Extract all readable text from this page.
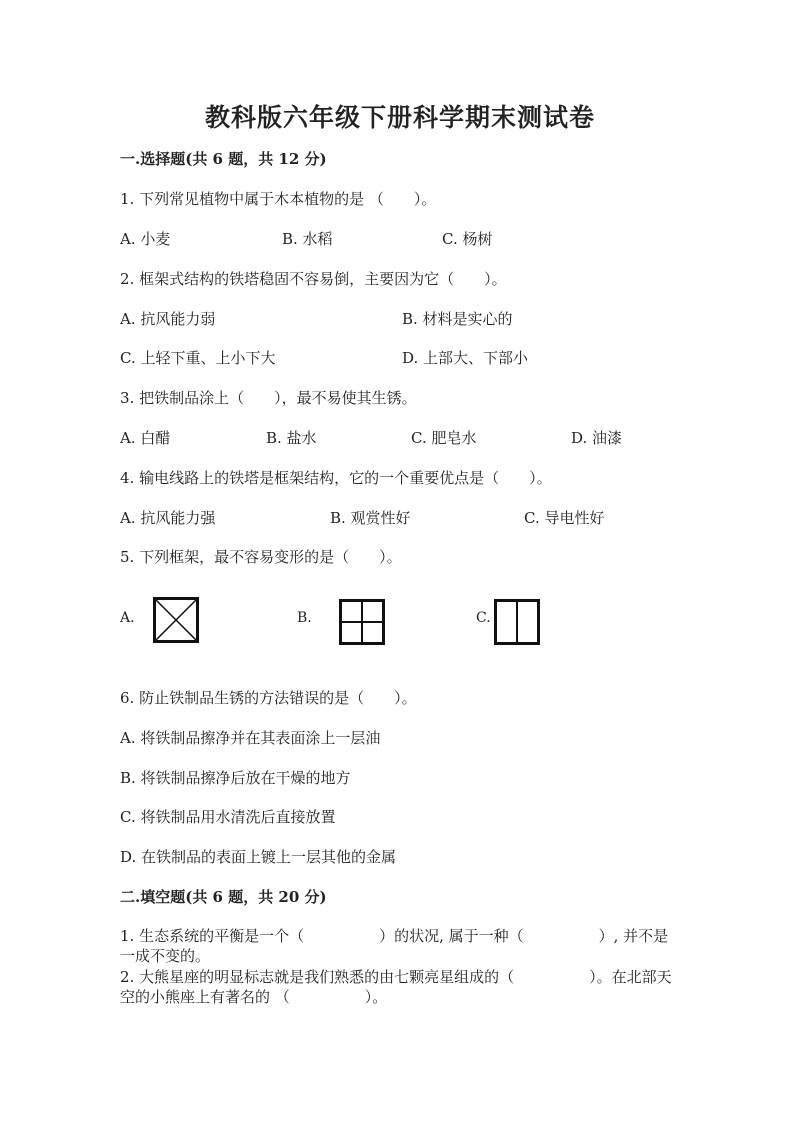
教科版六年级下册科学期末测试卷
一.选择题(共 6 题，共 12 分)
1. 下列常见植物中属于木本植物的是 （　　）。
A. 小麦	B. 水稻	C. 杨树
2. 框架式结构的铁塔稳固不容易倒，主要因为它（　　）。
A. 抗风能力弱	B. 材料是实心的
C. 上轻下重、上小下大	D. 上部大、下部小
3. 把铁制品涂上（　　），最不易使其生锈。
A. 白醋	B. 盐水	C. 肥皂水	D. 油漆
4. 输电线路上的铁塔是框架结构，它的一个重要优点是（　　）。
A. 抗风能力强	B. 观赏性好	C. 导电性好
5. 下列框架，最不容易变形的是（　　）。
A.	B.	C.
6. 防止铁制品生锈的方法错误的是（　　）。
A. 将铁制品擦净并在其表面涂上一层油
B. 将铁制品擦净后放在干燥的地方
C. 将铁制品用水清洗后直接放置
D. 在铁制品的表面上镀上一层其他的金属
二.填空题(共 6 题，共 20 分)
1. 生态系统的平衡是一个（　　　　　）的状况, 属于一种（　　　　　）, 并不是一成不变的。
2. 大熊星座的明显标志就是我们熟悉的由七颗亮星组成的（　　　　　）。在北部天空的小熊座上有著名的 （　　　　　）。
